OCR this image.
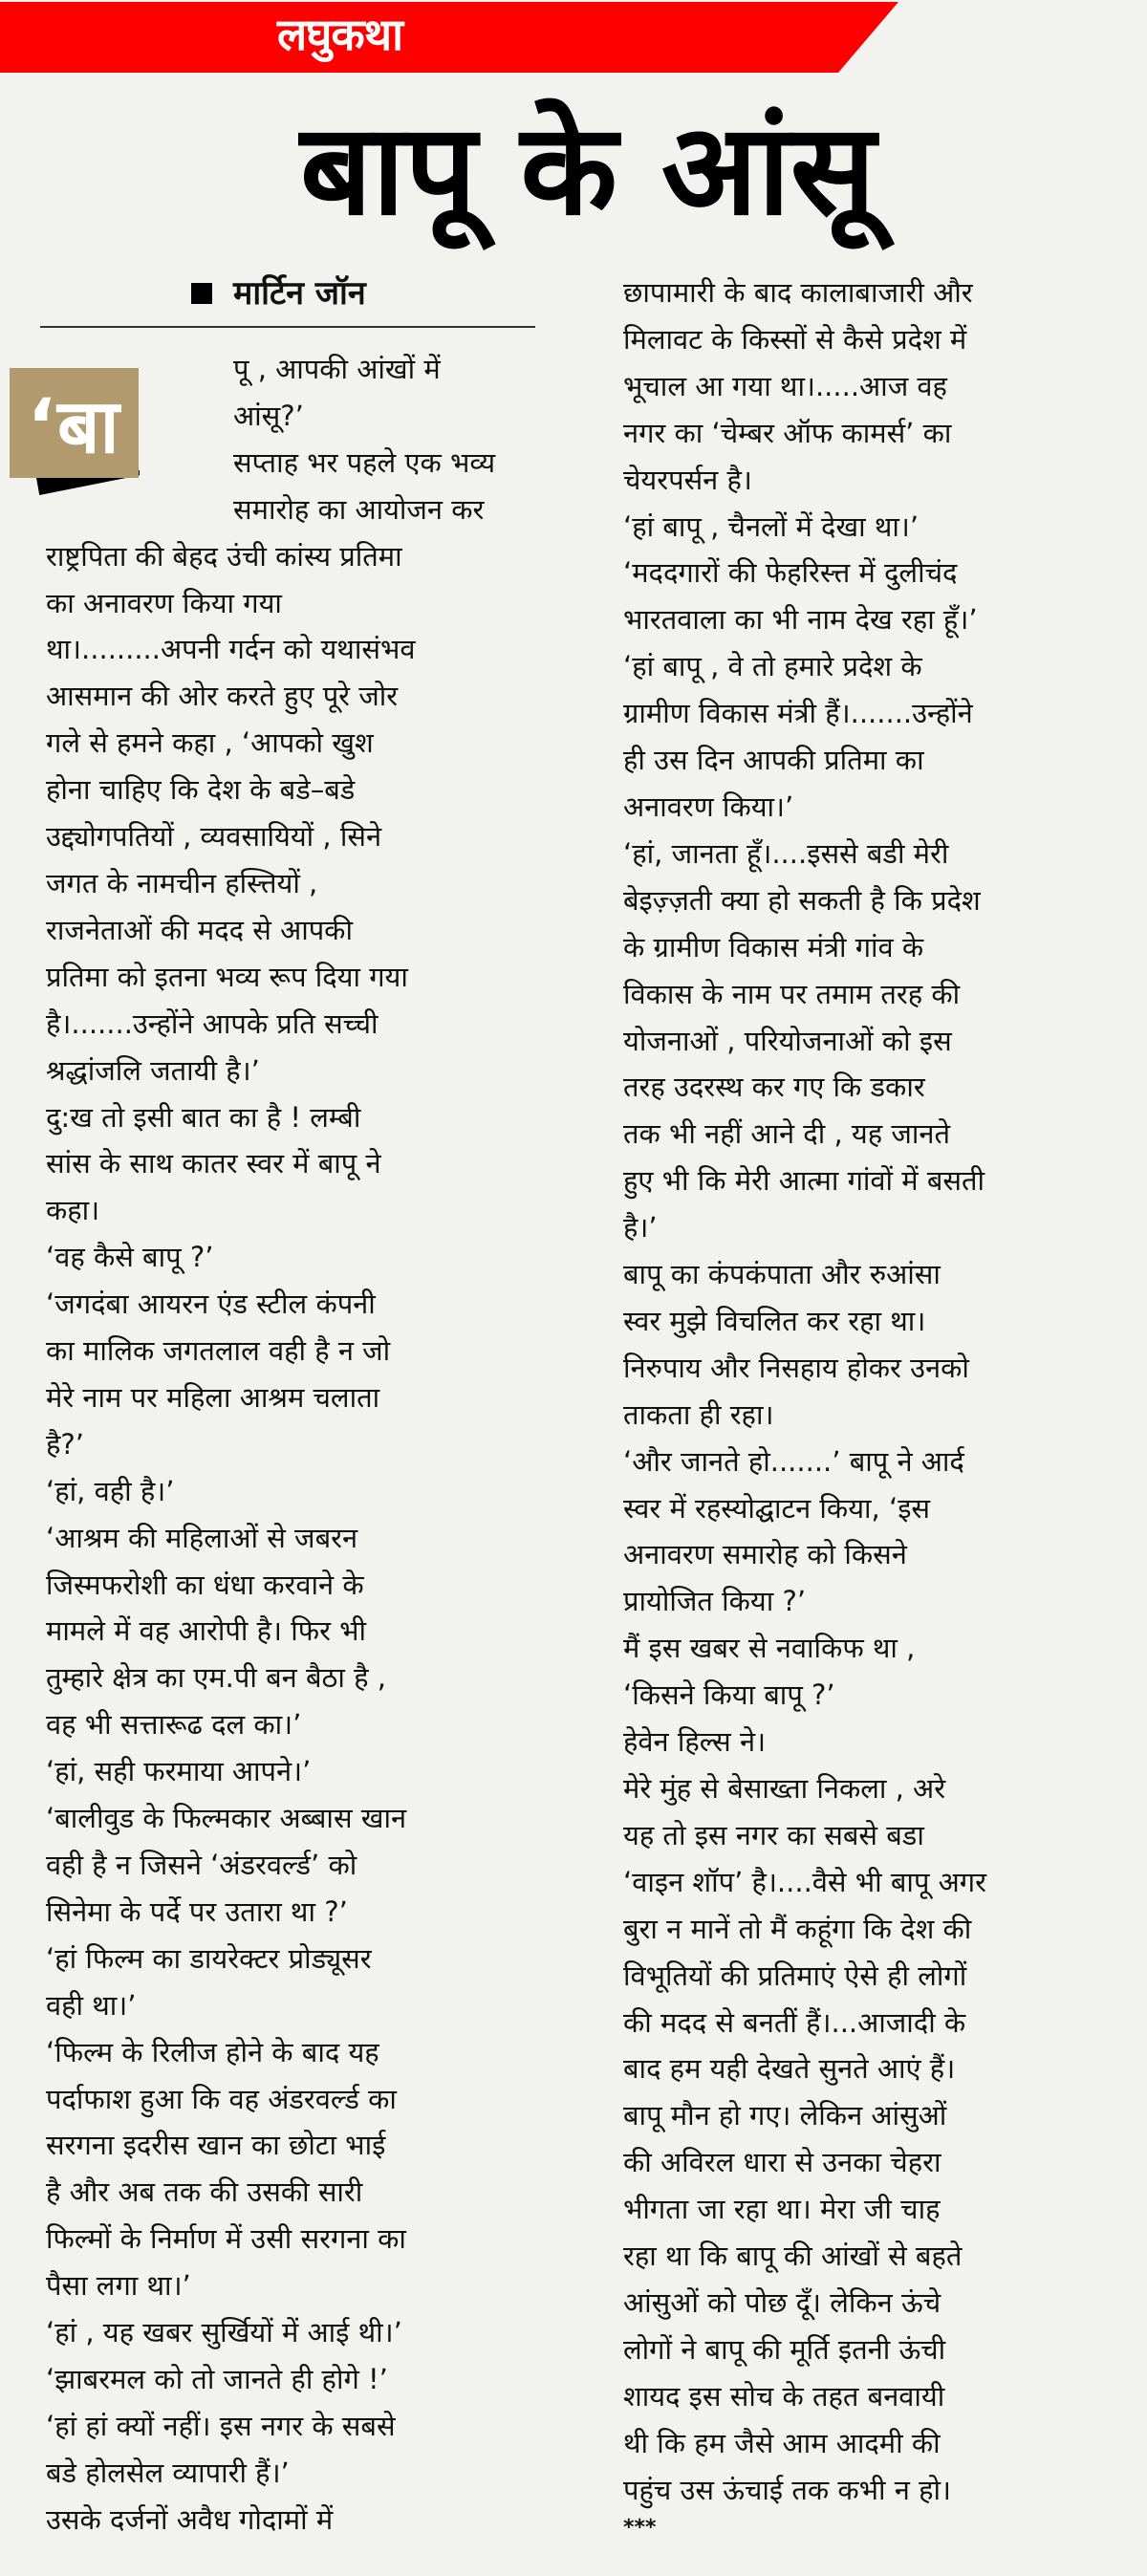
लघुकथा
बापू के आंसू
मार्टिन जॉन
‘बा
पू , आपकी आंखों में
आंसू?’
सप्ताह भर पहले एक भव्य
समारोह का आयोजन कर
राष्ट्रपिता की बेहद उंची कांस्य प्रतिमा
का अनावरण किया गया
था।.........अपनी गर्दन को यथासंभव
आसमान की ओर करते हुए पूरे जोर
गले से हमने कहा , ‘आपको खुश
होना चाहिए कि देश के बडे–बडे
उद्द्योगपतियों , व्यवसायियों , सिने
जगत के नामचीन हस्त्तियों ,
राजनेताओं की मदद से आपकी
प्रतिमा को इतना भव्य रूप दिया गया
है।.......उन्होंने आपके प्रति सच्ची
श्रद्धांजलि जतायी है।’
दु:ख तो इसी बात का है ! लम्बी
सांस के साथ कातर स्वर में बापू ने
कहा।
‘वह कैसे बापू ?’
‘जगदंबा आयरन एंड स्टील कंपनी
का मालिक जगतलाल वही है न जो
मेरे नाम पर महिला आश्रम चलाता
है?’
‘हां, वही है।’
‘आश्रम की महिलाओं से जबरन
जिस्मफरोशी का धंधा करवाने के
मामले में वह आरोपी है। फिर भी
तुम्हारे क्षेत्र का एम.पी बन बैठा है ,
वह भी सत्तारूढ दल का।’
‘हां, सही फरमाया आपने।’
‘बालीवुड के फिल्मकार अब्बास खान
वही है न जिसने ‘अंडरवर्ल्ड’ को
सिनेमा के पर्दे पर उतारा था ?’
‘हां फिल्म का डायरेक्टर प्रोड्यूसर
वही था।’
‘फिल्म के रिलीज होने के बाद यह
पर्दाफाश हुआ कि वह अंडरवर्ल्ड का
सरगना इदरीस खान का छोटा भाई
है और अब तक की उसकी सारी
फिल्मों के निर्माण में उसी सरगना का
पैसा लगा था।’
‘हां , यह खबर सुर्खियों में आई थी।’
‘झाबरमल को तो जानते ही होगे !’
‘हां हां क्यों नहीं। इस नगर के सबसे
बडे होलसेल व्यापारी हैं।’
उसके दर्जनों अवैध गोदामों में
छापामारी के बाद कालाबाजारी और
मिलावट के किस्सों से कैसे प्रदेश में
भूचाल आ गया था।.....आज वह
नगर का ‘चेम्बर ऑफ कामर्स’ का
चेयरपर्सन है।
‘हां बापू , चैनलों में देखा था।’
‘मददगारों की फेहरिस्त्त में दुलीचंद
भारतवाला का भी नाम देख रहा हूँ।’
‘हां बापू , वे तो हमारे प्रदेश के
ग्रामीण विकास मंत्री हैं।.......उन्होंने
ही उस दिन आपकी प्रतिमा का
अनावरण किया।’
‘हां, जानता हूँ।....इससे बडी मेरी
बेइज़्ज़ती क्या हो सकती है कि प्रदेश
के ग्रामीण विकास मंत्री गांव के
विकास के नाम पर तमाम तरह की
योजनाओं , परियोजनाओं को इस
तरह उदरस्थ कर गए कि डकार
तक भी नहीं आने दी , यह जानते
हुए भी कि मेरी आत्मा गांवों में बसती
है।’
बापू का कंपकंपाता और रुआंसा
स्वर मुझे विचलित कर रहा था।
निरुपाय और निसहाय होकर उनको
ताकता ही रहा।
‘और जानते हो.......’ बापू ने आर्द
स्वर में रहस्योद्घाटन किया, ‘इस
अनावरण समारोह को किसने
प्रायोजित किया ?’
मैं इस खबर से नवाकिफ था ,
‘किसने किया बापू ?’
हेवेन हिल्स ने।
मेरे मुंह से बेसाख्ता निकला , अरे
यह तो इस नगर का सबसे बडा
‘वाइन शॉप’ है।....वैसे भी बापू अगर
बुरा न मानें तो मैं कहूंगा कि देश की
विभूतियों की प्रतिमाएं ऐसे ही लोगों
की मदद से बनतीं हैं।...आजादी के
बाद हम यही देखते सुनते आएं हैं।
बापू मौन हो गए। लेकिन आंसुओं
की अविरल धारा से उनका चेहरा
भीगता जा रहा था। मेरा जी चाह
रहा था कि बापू की आंखों से बहते
आंसुओं को पोछ दूँ। लेकिन ऊंचे
लोगों ने बापू की मूर्ति इतनी ऊंची
शायद इस सोच के तहत बनवायी
थी कि हम जैसे आम आदमी की
पहुंच उस ऊंचाई तक कभी न हो।
***
